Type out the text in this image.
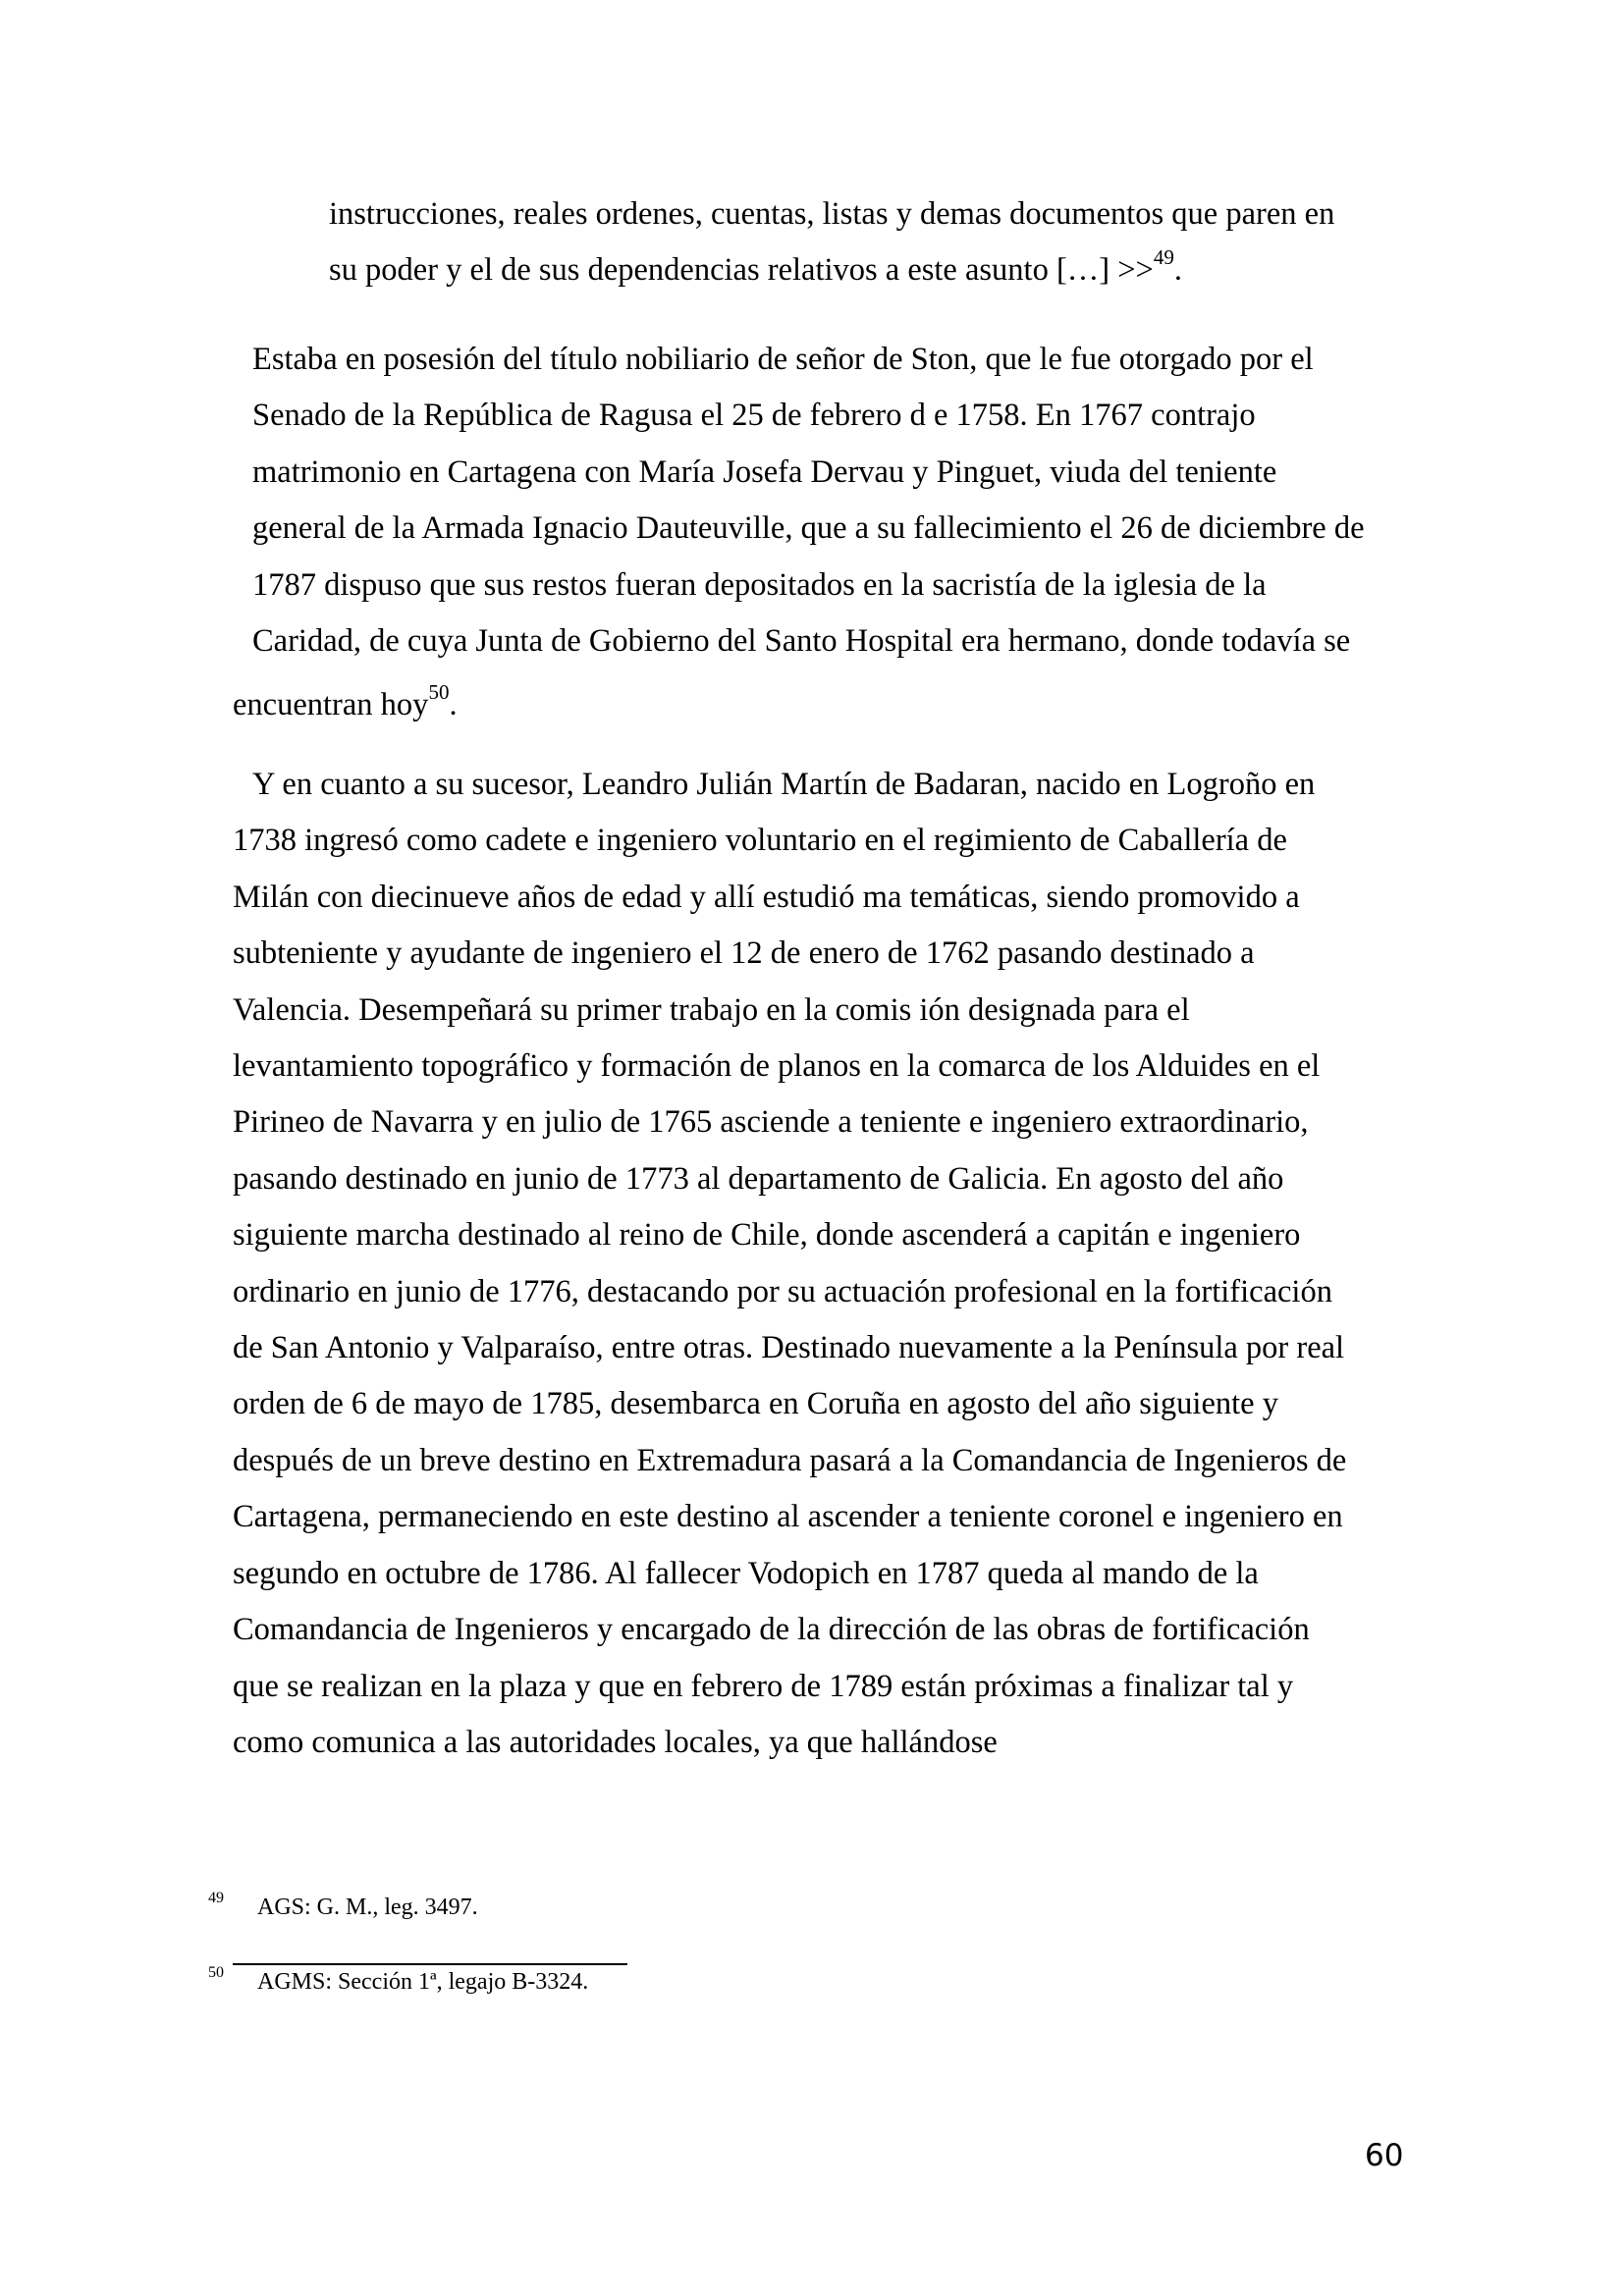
instrucciones, reales ordenes, cuentas, listas y demas documentos que paren en
su poder y el de sus dependencias relativos a este asunto […] >>$^{49}$.

Estaba en posesión del título nobiliario de señor de Ston, que le fue otorgado por el
Senado de la República de Ragusa el 25 de febrero d e 1758. En 1767 contrajo
matrimonio en Cartagena con María Josefa Dervau y Pinguet, viuda del teniente
general de la Armada Ignacio Dauteuville, que a su fallecimiento el 26 de diciembre de
1787 dispuso que sus restos fueran depositados en la sacristía de la iglesia de la
Caridad, de cuya Junta de Gobierno del Santo Hospital era hermano, donde todavía se
encuentran hoy$^{50}$.

Y en cuanto a su sucesor, Leandro Julián Martín de Badaran, nacido en Logroño en
1738 ingresó como cadete e ingeniero voluntario en el regimiento de Caballería de
Milán con diecinueve años de edad y allí estudió ma temáticas, siendo promovido a
subteniente y ayudante de ingeniero el 12 de enero de 1762 pasando destinado a
Valencia. Desempeñará su primer trabajo en la comis ión designada para el
levantamiento topográfico y formación de planos en la comarca de los Alduides en el
Pirineo de Navarra y en julio de 1765 asciende a teniente e ingeniero extraordinario,
pasando destinado en junio de 1773 al departamento de Galicia. En agosto del año
siguiente marcha destinado al reino de Chile, donde ascenderá a capitán e ingeniero
ordinario en junio de 1776, destacando por su actuación profesional en la fortificación
de San Antonio y Valparaíso, entre otras. Destinado nuevamente a la Península por real
orden de 6 de mayo de 1785, desembarca en Coruña en agosto del año siguiente y
después de un breve destino en Extremadura pasará a la Comandancia de Ingenieros de
Cartagena, permaneciendo en este destino al ascender a teniente coronel e ingeniero en
segundo en octubre de 1786. Al fallecer Vodopich en 1787 queda al mando de la
Comandancia de Ingenieros y encargado de la dirección de las obras de fortificación
que se realizan en la plaza y que en febrero de 1789 están próximas a finalizar tal y
como comunica a las autoridades locales, ya que hallándose

49 AGS: G. M., leg. 3497.

50 AGMS: Sección 1ª, legajo B-3324.

60
